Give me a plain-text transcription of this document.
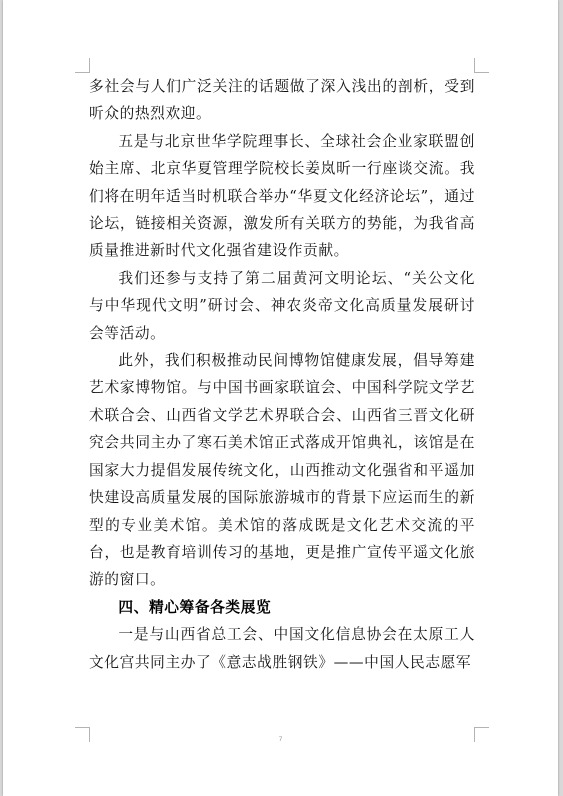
多社会与人们广泛关注的话题做了深入浅出的剖析，受到听众的热烈欢迎。

五是与北京世华学院理事长、全球社会企业家联盟创始主席、北京华夏管理学院校长姜岚昕一行座谈交流。我们将在明年适当时机联合举办“华夏文化经济论坛”，通过论坛，链接相关资源，激发所有关联方的势能，为我省高质量推进新时代文化强省建设作贡献。

我们还参与支持了第二届黄河文明论坛、“关公文化与中华现代文明”研讨会、神农炎帝文化高质量发展研讨会等活动。

此外，我们积极推动民间博物馆健康发展，倡导筹建艺术家博物馆。与中国书画家联谊会、中国科学院文学艺术联合会、山西省文学艺术界联合会、山西省三晋文化研究会共同主办了寒石美术馆正式落成开馆典礼，该馆是在国家大力提倡发展传统文化，山西推动文化强省和平遥加快建设高质量发展的国际旅游城市的背景下应运而生的新型的专业美术馆。美术馆的落成既是文化艺术交流的平台，也是教育培训传习的基地，更是推广宣传平遥文化旅游的窗口。

四、精心筹备各类展览

一是与山西省总工会、中国文化信息协会在太原工人文化宫共同主办了《意志战胜钢铁》——中国人民志愿军

7
